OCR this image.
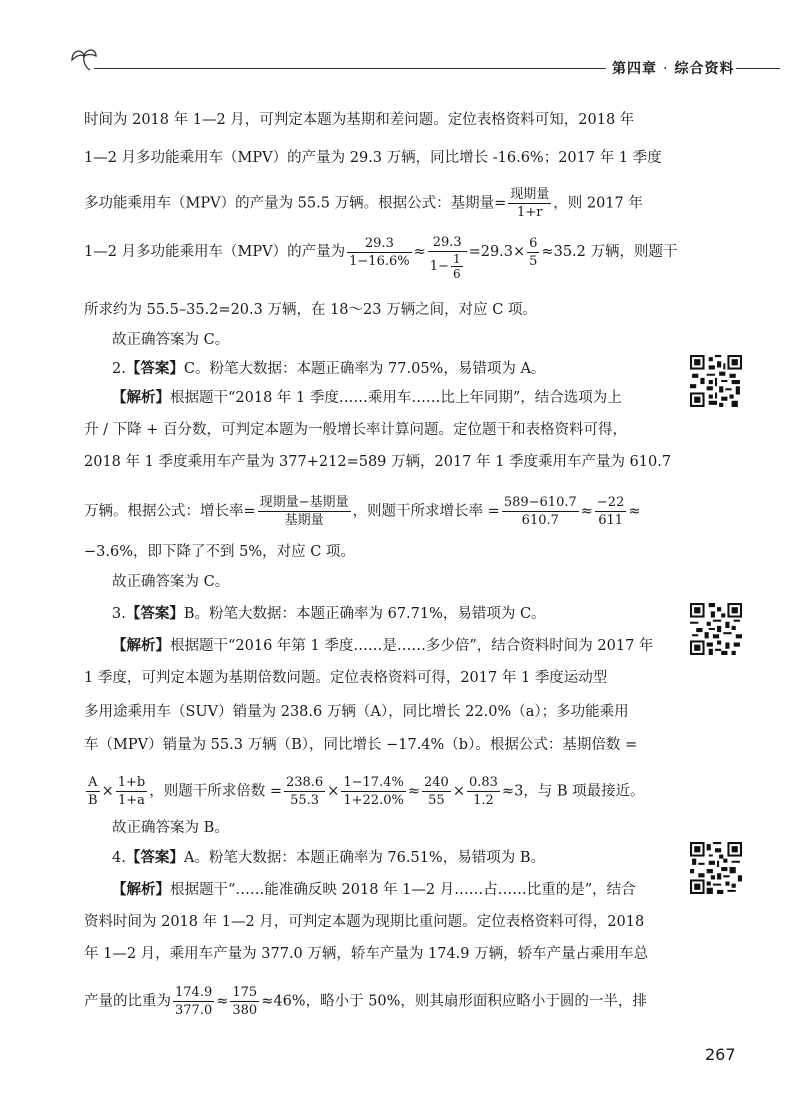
第四章 · 综合资料
时间为 2018 年 1—2 月，可判定本题为基期和差问题。定位表格资料可知，2018 年
1—2 月多功能乘用车（MPV）的产量为 29.3 万辆，同比增长 -16.6%；2017 年 1 季度
多功能乘用车（MPV）的产量为 55.5 万辆。根据公式：基期量= $\frac{\text{现期量}}{1+r}$ ，则 2017 年
1—2 月多功能乘用车（MPV）的产量为 $\frac{29.3}{1-16.6\%} \approx \frac{29.3}{1- \frac{1}{6}} =29.3\times \frac{6}{5} \approx 35.2$ 万辆，则题干
所求约为 55.5–35.2=20.3 万辆，在 18～23 万辆之间，对应 C 项。
故正确答案为 C。
2.【答案】C。粉笔大数据：本题正确率为 77.05%，易错项为 A。
【解析】根据题干“2018 年 1 季度……乘用车……比上年同期”，结合选项为上
升 / 下降 + 百分数，可判定本题为一般增长率计算问题。定位题干和表格资料可得，
2018 年 1 季度乘用车产量为 377+212=589 万辆，2017 年 1 季度乘用车产量为 610.7
万辆。根据公式：增长率= $\frac{\text{现期量−基期量}}{\text{基期量}}$ ，则题干所求增长率 = $\frac{589-610.7}{610.7} \approx \frac{-22}{611}$ ≈
−3.6%，即下降了不到 5%，对应 C 项。
故正确答案为 C。
3.【答案】B。粉笔大数据：本题正确率为 67.71%，易错项为 C。
【解析】根据题干“2016 年第 1 季度……是……多少倍”，结合资料时间为 2017 年
1 季度，可判定本题为基期倍数问题。定位表格资料可得，2017 年 1 季度运动型
多用途乘用车（SUV）销量为 238.6 万辆（A），同比增长 22.0%（a）；多功能乘用
车（MPV）销量为 55.3 万辆（B），同比增长 −17.4%（b）。根据公式：基期倍数 =
$\frac{A}{B} \times \frac{1+b}{1+a}$ ，则题干所求倍数 = $\frac{238.6}{55.3} \times \frac{1-17.4\%}{1+22.0\%} \approx \frac{240}{55} \times \frac{0.83}{1.2} \approx 3$，与 B 项最接近。
故正确答案为 B。
4.【答案】A。粉笔大数据：本题正确率为 76.51%，易错项为 B。
【解析】根据题干“……能准确反映 2018 年 1—2 月……占……比重的是”，结合
资料时间为 2018 年 1—2 月，可判定本题为现期比重问题。定位表格资料可得，2018
年 1—2 月，乘用车产量为 377.0 万辆，轿车产量为 174.9 万辆，轿车产量占乘用车总
产量的比重为 $\frac{174.9}{377.0} \approx \frac{175}{380} \approx 46\%$，略小于 50%，则其扇形面积应略小于圆的一半，排
267
